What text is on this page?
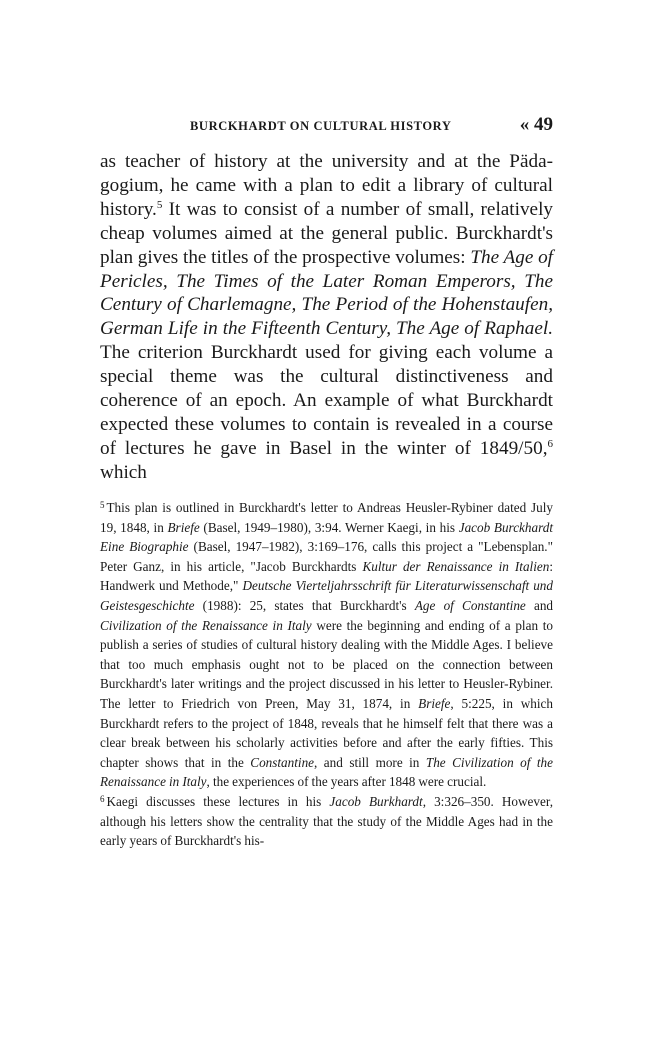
BURCKHARDT ON CULTURAL HISTORY	« 49

as teacher of history at the university and at the Pädagogium, he came with a plan to edit a library of cultural history.$^5$ It was to consist of a number of small, relatively cheap volumes aimed at the general public. Burckhardt's plan gives the titles of the prospective volumes: The Age of Pericles, The Times of the Later Roman Emperors, The Century of Charlemagne, The Period of the Hohenstaufen, German Life in the Fifteenth Century, The Age of Raphael. The criterion Burckhardt used for giving each volume a special theme was the cultural distinctiveness and coherence of an epoch. An example of what Burckhardt expected these volumes to contain is revealed in a course of lectures he gave in Basel in the winter of 1849/50,$^6$ which

$^5$ This plan is outlined in Burckhardt's letter to Andreas Heusler-Rybiner dated July 19, 1848, in Briefe (Basel, 1949–1980), 3:94. Werner Kaegi, in his Jacob Burckhardt Eine Biographie (Basel, 1947–1982), 3:169–176, calls this project a "Lebensplan." Peter Ganz, in his article, "Jacob Burckhardts Kultur der Renaissance in Italien: Handwerk und Methode," Deutsche Vierteljahrsschrift für Literaturwissenschaft und Geistesgeschichte (1988): 25, states that Burckhardt's Age of Constantine and Civilization of the Renaissance in Italy were the beginning and ending of a plan to publish a series of studies of cultural history dealing with the Middle Ages. I believe that too much emphasis ought not to be placed on the connection between Burckhardt's later writings and the project discussed in his letter to Heusler-Rybiner. The letter to Friedrich von Preen, May 31, 1874, in Briefe, 5:225, in which Burckhardt refers to the project of 1848, reveals that he himself felt that there was a clear break between his scholarly activities before and after the early fifties. This chapter shows that in the Constantine, and still more in The Civilization of the Renaissance in Italy, the experiences of the years after 1848 were crucial.

$^6$ Kaegi discusses these lectures in his Jacob Burkhardt, 3:326–350. However, although his letters show the centrality that the study of the Middle Ages had in the early years of Burckhardt's his-
